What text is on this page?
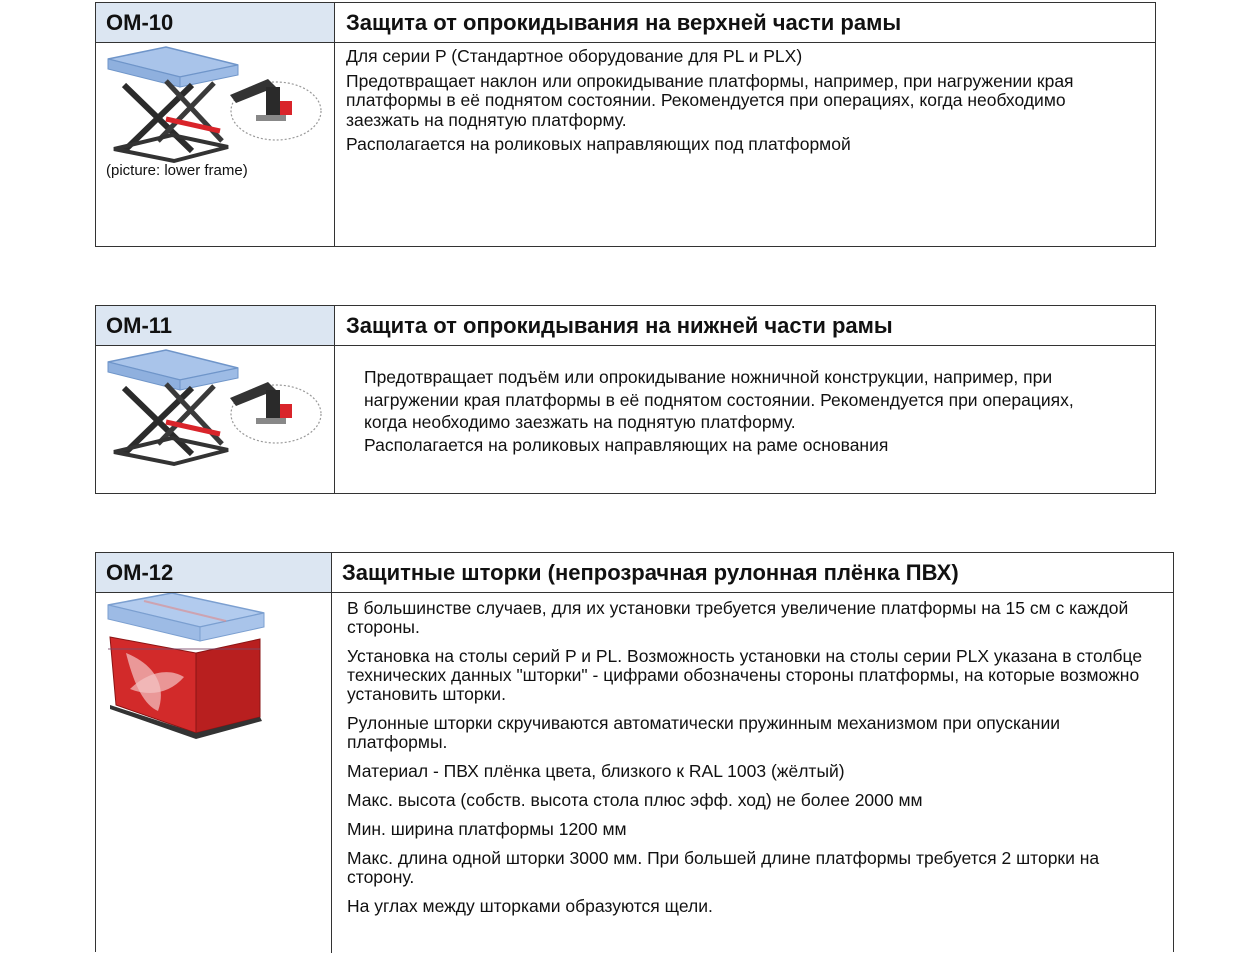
OM-10	Защита от опрокидывания на верхней части рамы
(picture: lower frame)

Для серии P (Стандартное оборудование для PL и PLX)

Предотвращает наклон или опрокидывание платформы, например, при нагружении края платформы в её поднятом состоянии. Рекомендуется при операциях, когда необходимо заезжать на поднятую платформу.

Располагается на роликовых направляющих под платформой

OM-11	Защита от опрокидывания на нижней части рамы

Предотвращает подъём или опрокидывание ножничной конструкции, например, при нагружении края платформы в её поднятом состоянии. Рекомендуется при операциях, когда необходимо заезжать на поднятую платформу.

Располагается на роликовых направляющих на раме основания

OM-12	Защитные шторки (непрозрачная рулонная плёнка ПВХ)

В большинстве случаев, для их установки требуется увеличение платформы на 15 см с каждой стороны.

Установка на столы серий P и PL. Возможность установки на столы серии PLX указана в столбце технических данных "шторки" - цифрами обозначены стороны платформы, на которые возможно установить шторки.

Рулонные шторки скручиваются автоматически пружинным механизмом при опускании платформы.

Материал - ПВХ плёнка цвета, близкого к RAL 1003 (жёлтый)

Макс. высота (собств. высота стола плюс эфф. ход) не более 2000 мм

Мин. ширина платформы 1200 мм

Макс. длина одной шторки 3000 мм. При большей длине платформы требуется 2 шторки на сторону.

На углах между шторками образуются щели.
